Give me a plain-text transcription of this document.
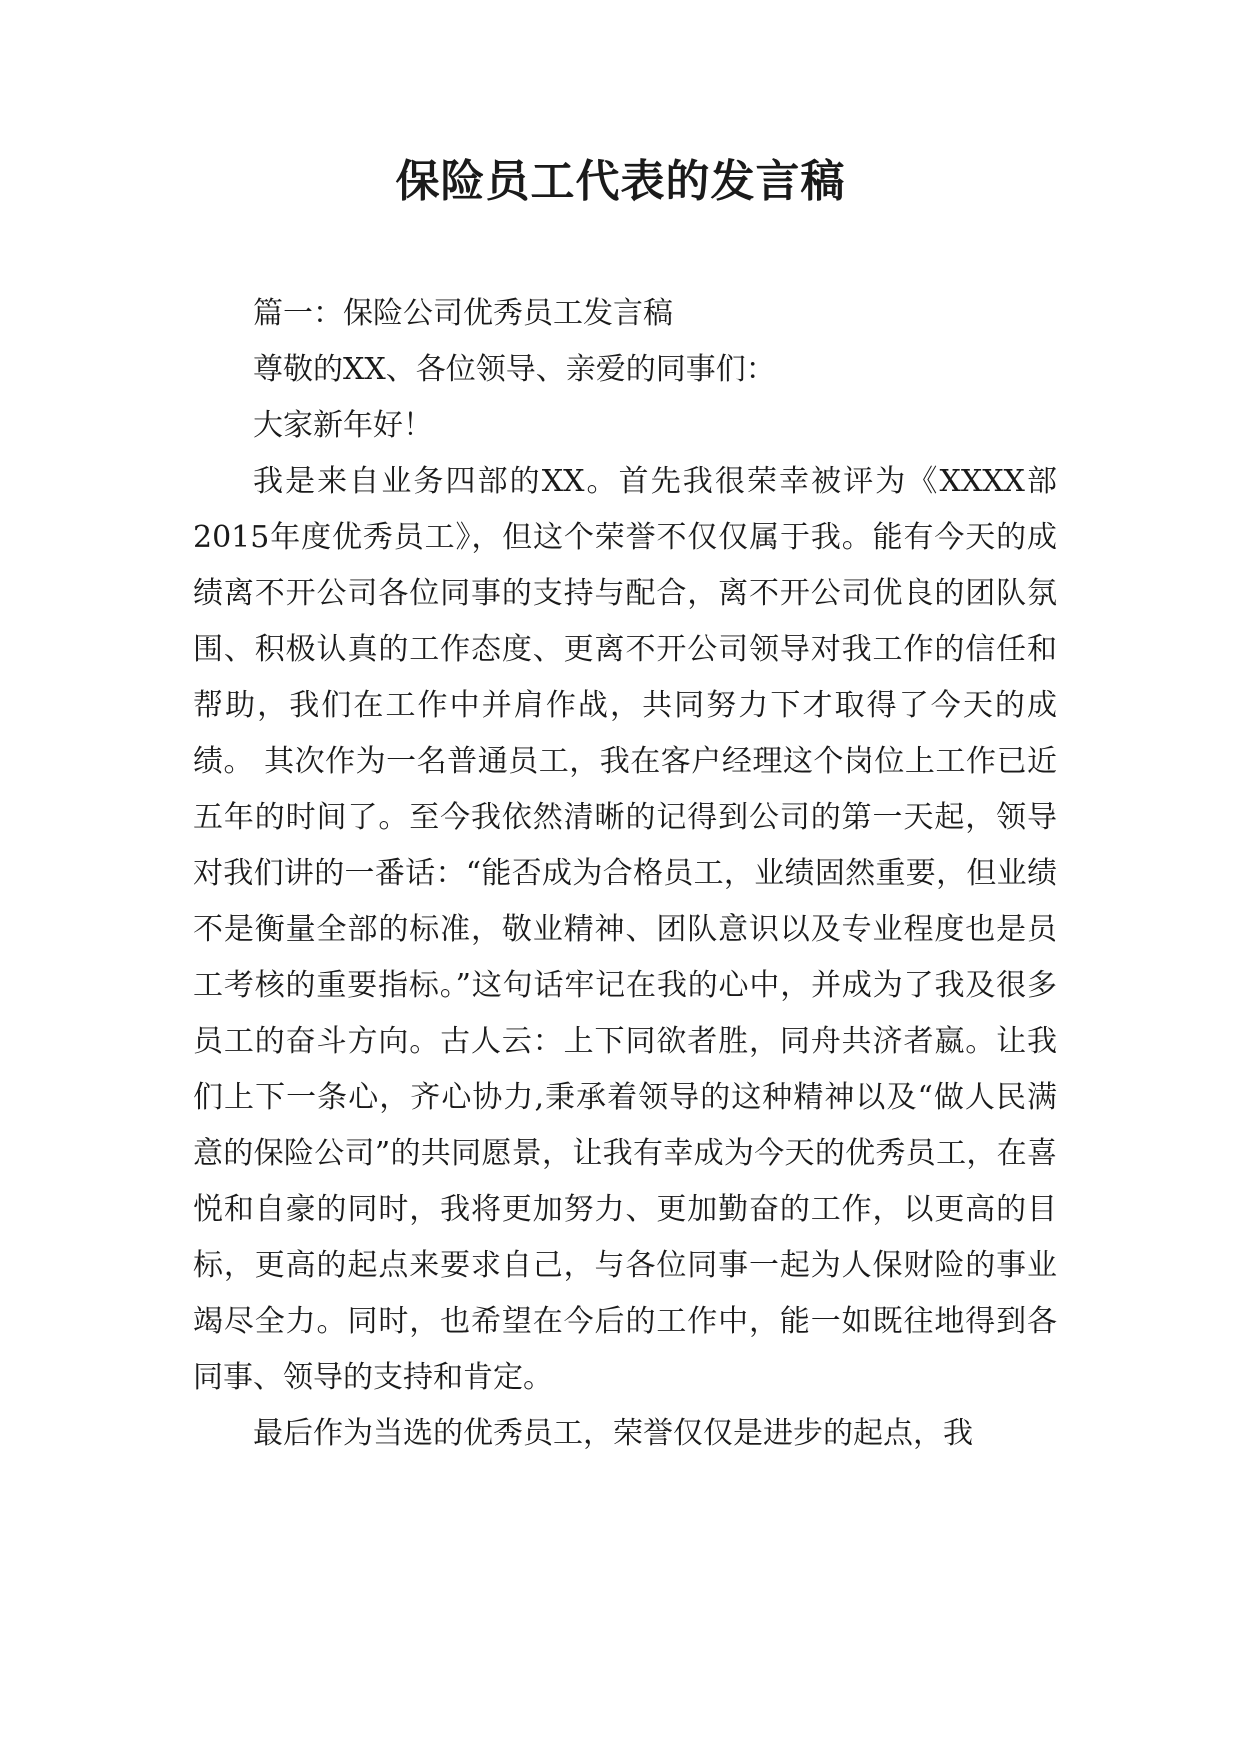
保险员工代表的发言稿

篇一：保险公司优秀员工发言稿

尊敬的XX、各位领导、亲爱的同事们：

大家新年好！

我是来自业务四部的XX。首先我很荣幸被评为《XXXX部2015年度优秀员工》，但这个荣誉不仅仅属于我。能有今天的成绩离不开公司各位同事的支持与配合，离不开公司优良的团队氛围、积极认真的工作态度、更离不开公司领导对我工作的信任和帮助，我们在工作中并肩作战，共同努力下才取得了今天的成绩。 其次作为一名普通员工，我在客户经理这个岗位上工作已近五年的时间了。至今我依然清晰的记得到公司的第一天起，领导对我们讲的一番话：“能否成为合格员工，业绩固然重要，但业绩不是衡量全部的标准，敬业精神、团队意识以及专业程度也是员工考核的重要指标。”这句话牢记在我的心中，并成为了我及很多员工的奋斗方向。古人云：上下同欲者胜，同舟共济者嬴。让我们上下一条心，齐心协力,秉承着领导的这种精神以及“做人民满意的保险公司”的共同愿景，让我有幸成为今天的优秀员工，在喜悦和自豪的同时，我将更加努力、更加勤奋的工作，以更高的目标，更高的起点来要求自己，与各位同事一起为人保财险的事业竭尽全力。同时，也希望在今后的工作中，能一如既往地得到各同事、领导的支持和肯定。

最后作为当选的优秀员工，荣誉仅仅是进步的起点，我
